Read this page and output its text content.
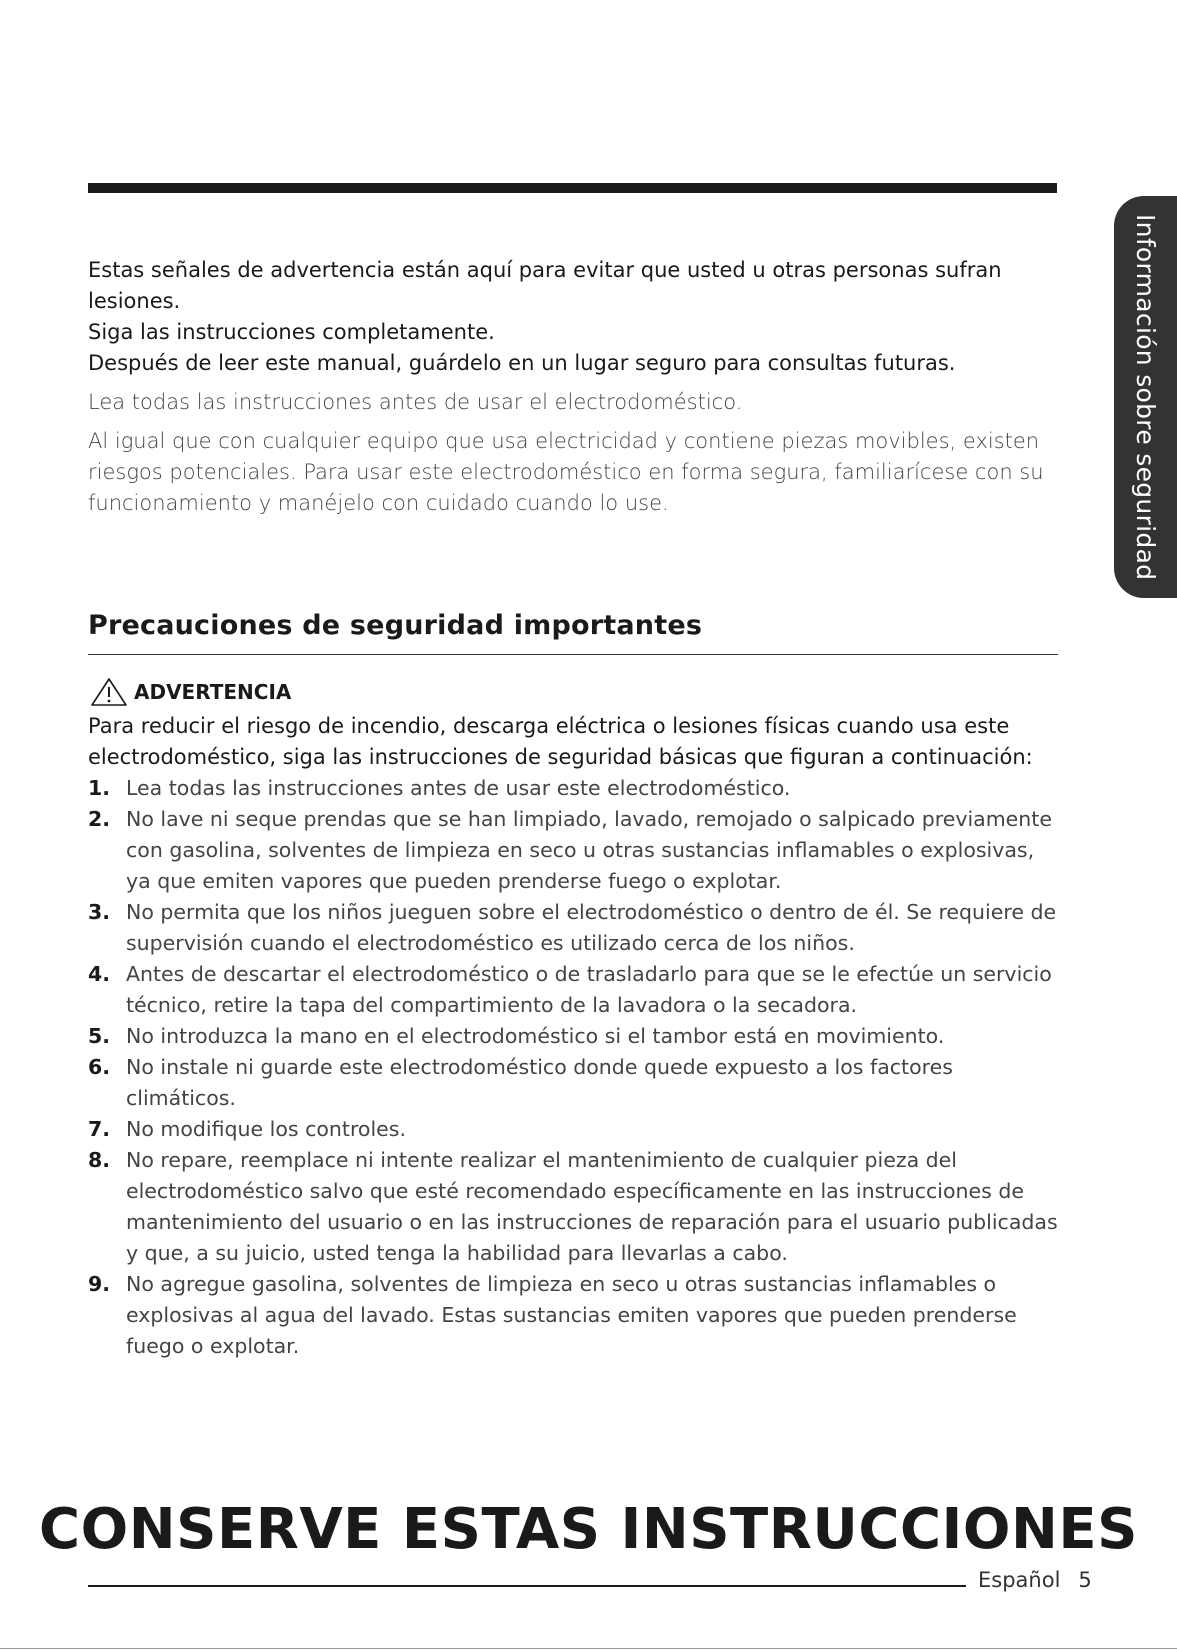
Información sobre seguridad

Estas señales de advertencia están aquí para evitar que usted u otras personas sufran lesiones.

Siga las instrucciones completamente.

Después de leer este manual, guárdelo en un lugar seguro para consultas futuras.

Lea todas las instrucciones antes de usar el electrodoméstico.

Al igual que con cualquier equipo que usa electricidad y contiene piezas movibles, existen riesgos potenciales. Para usar este electrodoméstico en forma segura, familiarícese con su funcionamiento y manéjelo con cuidado cuando lo use.

Precauciones de seguridad importantes
ADVERTENCIA

Para reducir el riesgo de incendio, descarga eléctrica o lesiones físicas cuando usa este electrodoméstico, siga las instrucciones de seguridad básicas que figuran a continuación:

1. Lea todas las instrucciones antes de usar este electrodoméstico.
2. No lave ni seque prendas que se han limpiado, lavado, remojado o salpicado previamente con gasolina, solventes de limpieza en seco u otras sustancias inflamables o explosivas, ya que emiten vapores que pueden prenderse fuego o explotar.
3. No permita que los niños jueguen sobre el electrodoméstico o dentro de él. Se requiere de supervisión cuando el electrodoméstico es utilizado cerca de los niños.
4. Antes de descartar el electrodoméstico o de trasladarlo para que se le efectúe un servicio técnico, retire la tapa del compartimiento de la lavadora o la secadora.
5. No introduzca la mano en el electrodoméstico si el tambor está en movimiento.
6. No instale ni guarde este electrodoméstico donde quede expuesto a los factores climáticos.
7. No modifique los controles.
8. No repare, reemplace ni intente realizar el mantenimiento de cualquier pieza del electrodoméstico salvo que esté recomendado específicamente en las instrucciones de mantenimiento del usuario o en las instrucciones de reparación para el usuario publicadas y que, a su juicio, usted tenga la habilidad para llevarlas a cabo.
9. No agregue gasolina, solventes de limpieza en seco u otras sustancias inflamables o explosivas al agua del lavado. Estas sustancias emiten vapores que pueden prenderse fuego o explotar.
CONSERVE ESTAS INSTRUCCIONES
Español 5
